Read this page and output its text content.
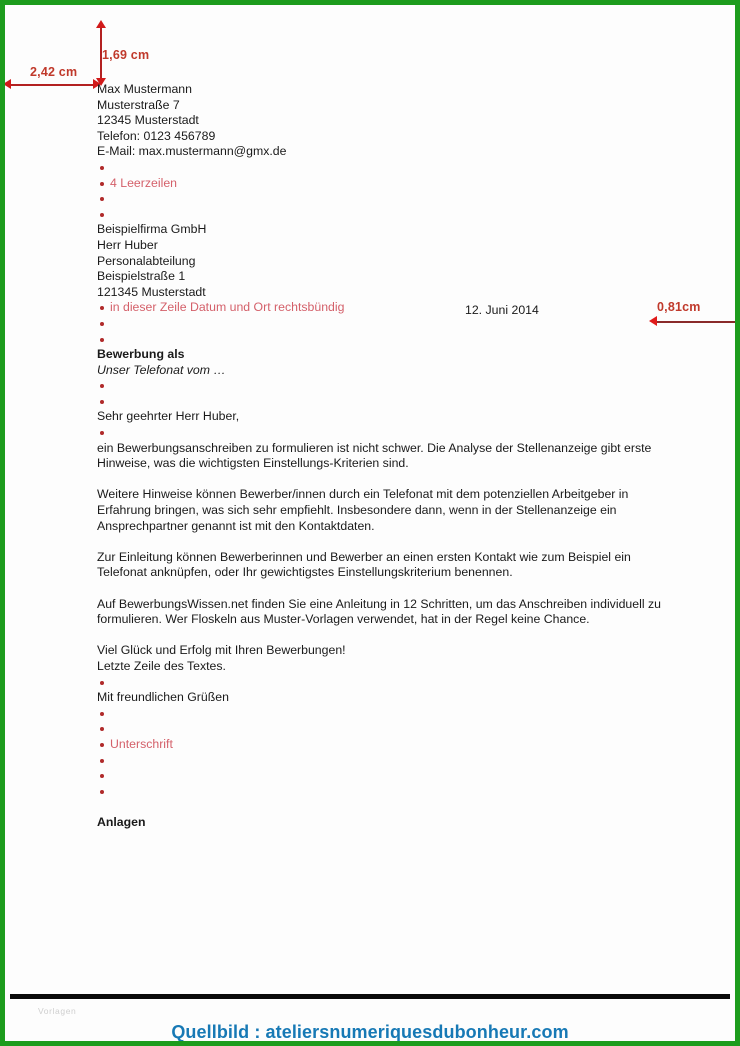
1,69 cm
2,42 cm
0,81cm
12. Juni 2014
Max Mustermann
Musterstraße 7
12345 Musterstadt
Telefon: 0123 456789
E-Mail: max.mustermann@gmx.de
4 Leerzeilen
Beispielfirma GmbH
Herr Huber
Personalabteilung
Beispielstraße 1
121345 Musterstadt
in dieser Zeile Datum und Ort rechtsbündig
Bewerbung als
Unser Telefonat vom …
Sehr geehrter Herr Huber,

ein Bewerbungsanschreiben zu formulieren ist nicht schwer. Die Analyse der Stellenanzeige gibt erste Hinweise, was die wichtigsten Einstellungs-Kriterien sind.

Weitere Hinweise können Bewerber/innen durch ein Telefonat mit dem potenziellen Arbeitgeber in Erfahrung bringen, was sich sehr empfiehlt. Insbesondere dann, wenn in der Stellenanzeige ein Ansprechpartner genannt ist mit den Kontaktdaten.

Zur Einleitung können Bewerberinnen und Bewerber an einen ersten Kontakt wie zum Beispiel ein Telefonat anknüpfen, oder Ihr gewichtigstes Einstellungskriterium benennen.

Auf BewerbungsWissen.net finden Sie eine Anleitung in 12 Schritten, um das Anschreiben individuell zu formulieren. Wer Floskeln aus Muster-Vorlagen verwendet, hat in der Regel keine Chance.

Viel Glück und Erfolg mit Ihren Bewerbungen!
Letzte Zeile des Textes.
Mit freundlichen Grüßen
Unterschrift
Anlagen
Vorlagen
Quellbild : ateliersnumeriquesdubonheur.com
